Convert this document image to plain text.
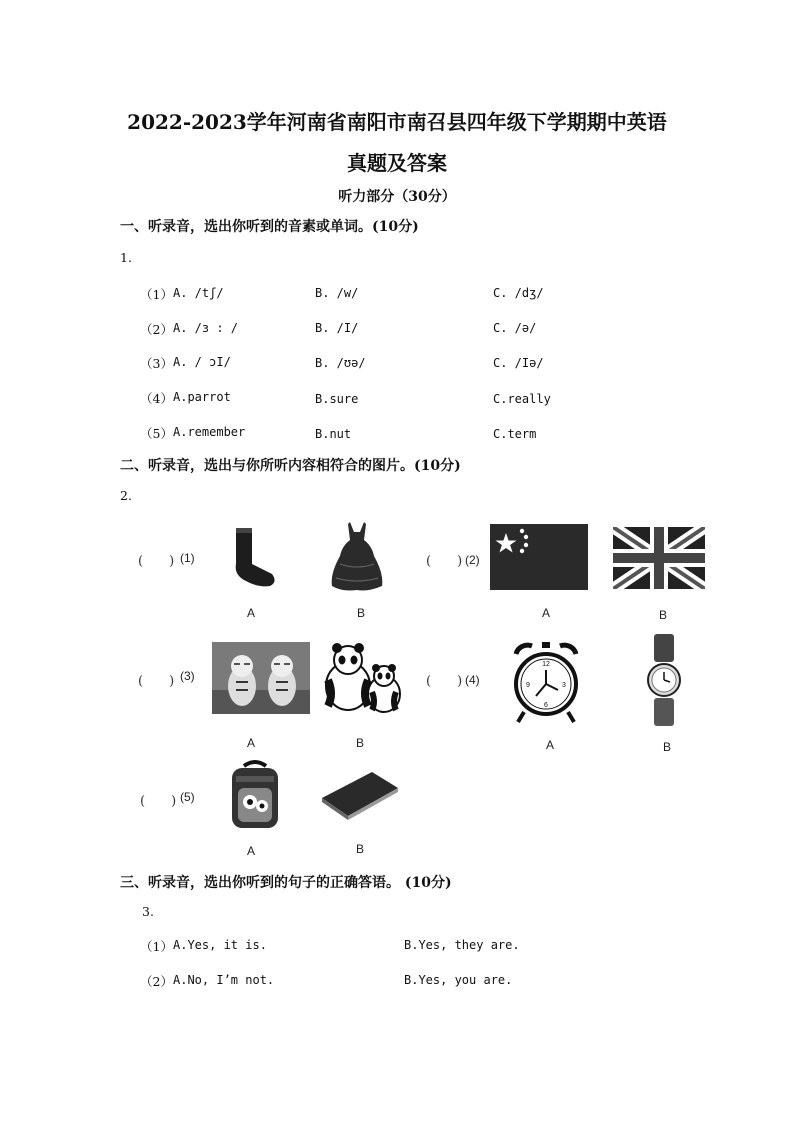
2022-2023学年河南省南阳市南召县四年级下学期期中英语
真题及答案
听力部分（30分）
一、听录音，选出你听到的音素或单词。(10分)
1.
（1） A. /tʃ/	B. /w/	C. /dʒ/
（2） A. /ɜ : /	B. /I/	C. /ə/
（3） A. / ɔI/	B. /ʊə/	C. /Iə/
（4） A.parrot	B.sure	C.really
（5） A.remember	B.nut	C.term
二、听录音，选出与你所听内容相符合的图片。(10分)
2.
(　　) (1)
A	B
(　　) (2)
A	B
(　　) (3)
A	B
(　　) (4)
12
3
6
9
A	B
(　　) (5)
A	B
三、听录音，选出你听到的句子的正确答语。 (10分)
3.
（1） A.Yes, it is.	B.Yes, they are.
（2） A.No, I’m not.	B.Yes, you are.
